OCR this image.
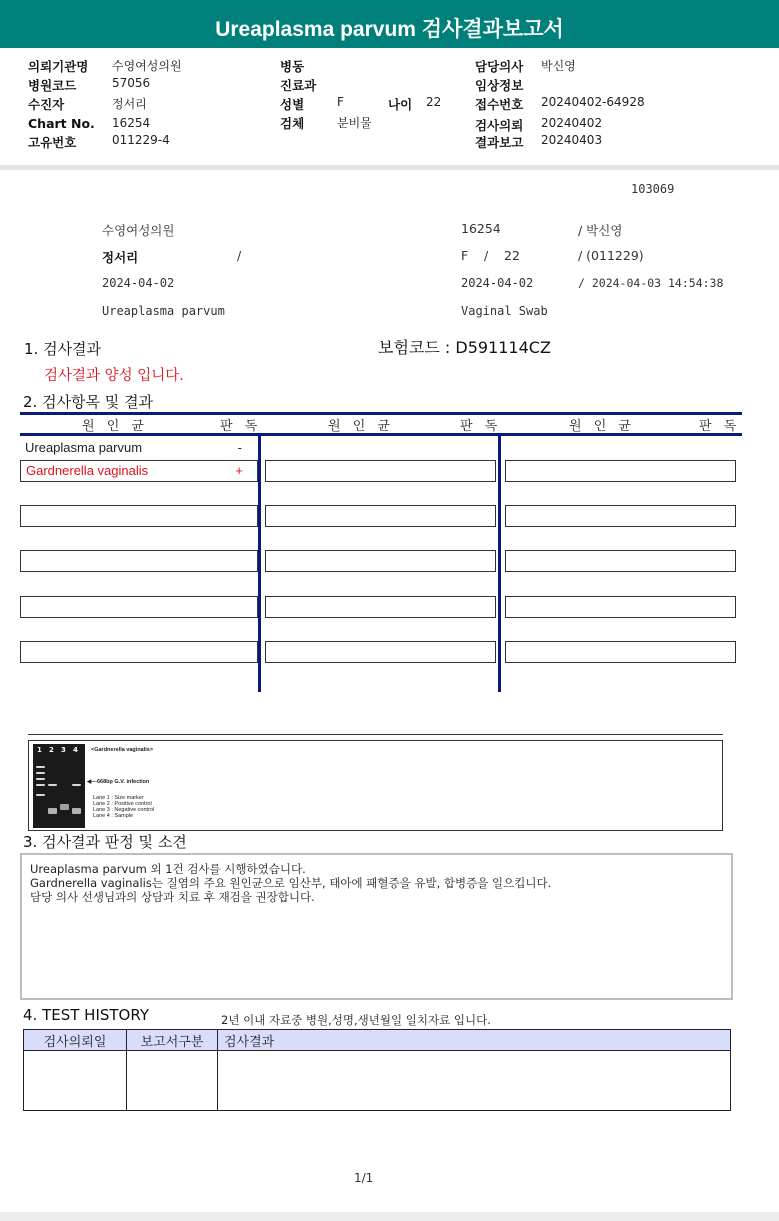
Ureaplasma parvum 검사결과보고서
의뢰기관명 수영여성의원
병원코드	57056
수진자	정서리
Chart No. 16254
고유번호	011229-4
병동
진료과
성별	F	나이 22
검체	분비물
담당의사 박신영
임상정보
접수번호 20240402-64928
검사의뢰 20240402
결과보고 20240403
103069
수영여성의원	16254	/ 박신영
정서리	/	F / 22	/ (011229)
2024-04-02	2024-04-02	/ 2024-04-03 14:54:38
Ureaplasma parvum	Vaginal Swab
1. 검사결과	보험코드 : D591114CZ
검사결과 양성 입니다.
2. 검사항목 및 결과
원 인 균	판 독	원 인 균	판 독	원 인 균	판 독
Ureaplasma parvum	-
Gardnerella vaginalis	+
1 2 3 4 <Gardnerella vaginalis>
◀— 668bp G.V. infection
Lane 1 : Size marker
Lane 2 : Positive control
Lane 3 : Negative control
Lane 4 : Sample
3. 검사결과 판정 및 소견
Ureaplasma parvum 외 1건 검사를 시행하였습니다.
Gardnerella vaginalis는 질염의 주요 원인균으로 임산부, 태아에 패혈증을 유발, 합병증을 일으킵니다.
담당 의사 선생님과의 상담과 치료 후 재검을 권장합니다.
4. TEST HISTORY	2년 이내 자료중 병원,성명,생년월일 일치자료 입니다.
검사의뢰일	보고서구분	검사결과

1/1
